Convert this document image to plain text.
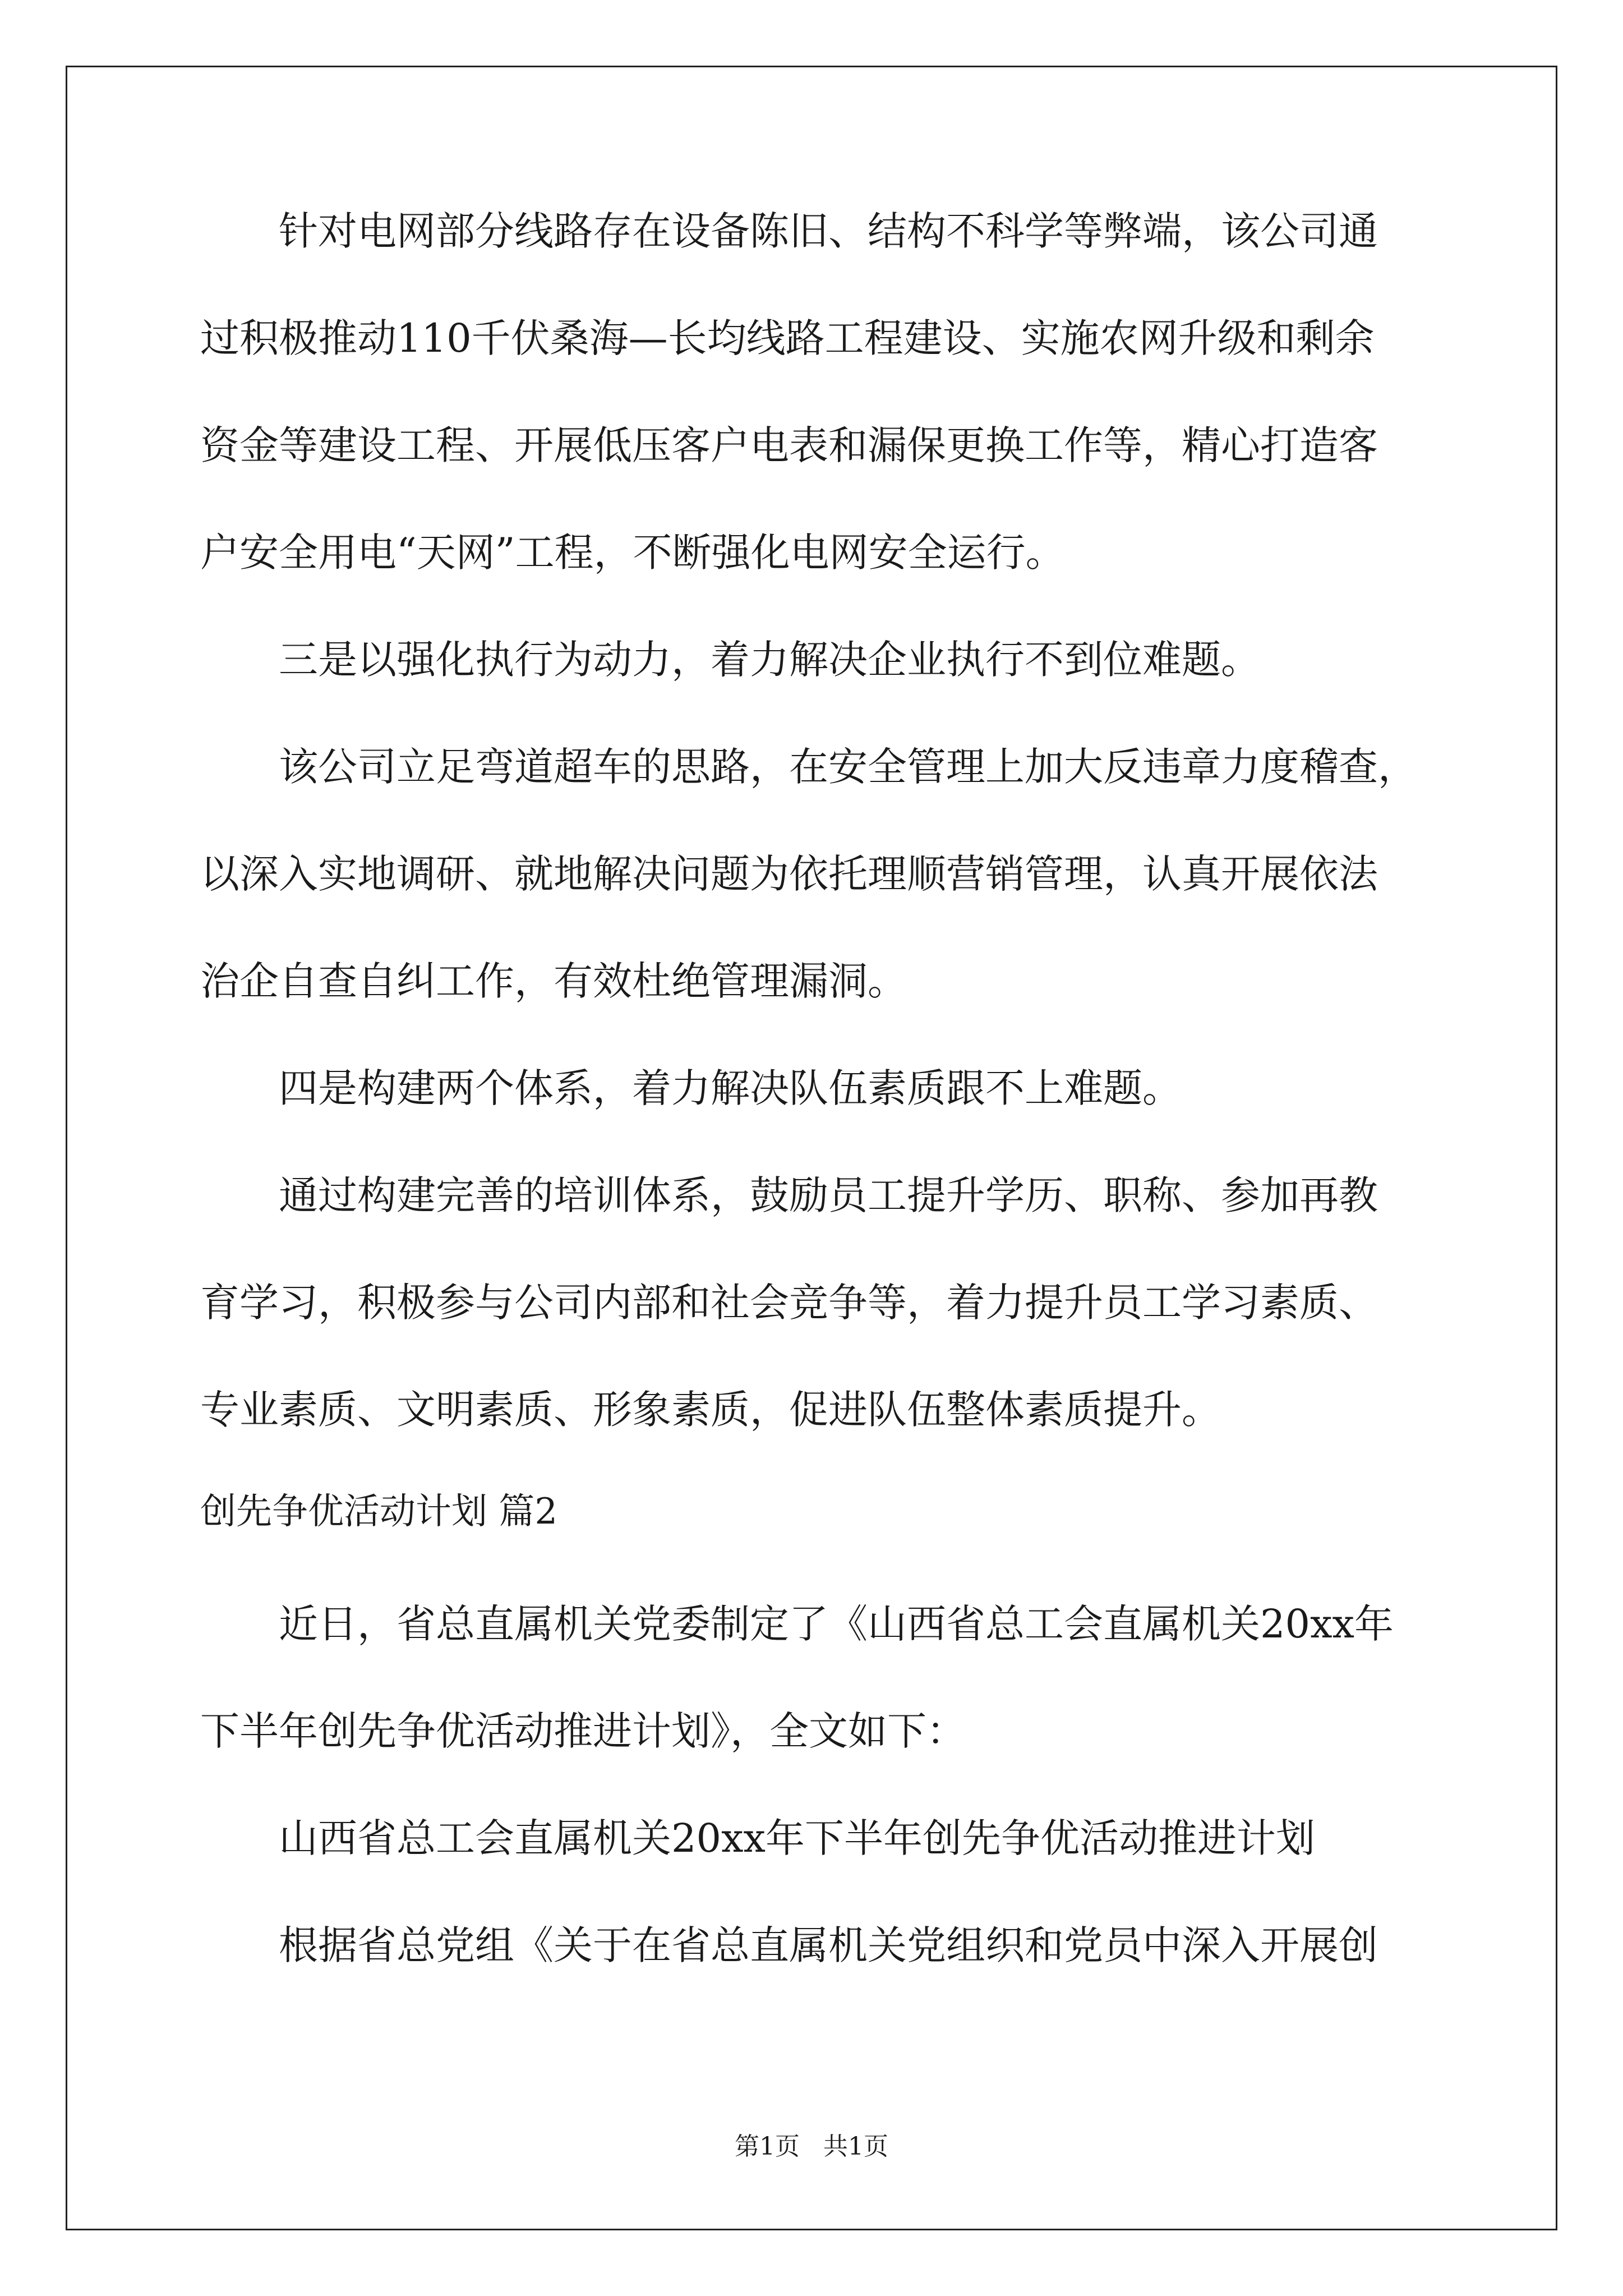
针对电网部分线路存在设备陈旧、结构不科学等弊端，该公司通
过积极推动110千伏桑海—长均线路工程建设、实施农网升级和剩余
资金等建设工程、开展低压客户电表和漏保更换工作等，精心打造客
户安全用电“天网”工程，不断强化电网安全运行。
三是以强化执行为动力，着力解决企业执行不到位难题。
该公司立足弯道超车的思路，在安全管理上加大反违章力度稽查，
以深入实地调研、就地解决问题为依托理顺营销管理，认真开展依法
治企自查自纠工作，有效杜绝管理漏洞。
四是构建两个体系，着力解决队伍素质跟不上难题。
通过构建完善的培训体系，鼓励员工提升学历、职称、参加再教
育学习，积极参与公司内部和社会竞争等，着力提升员工学习素质、
专业素质、文明素质、形象素质，促进队伍整体素质提升。
创先争优活动计划 篇2
近日，省总直属机关党委制定了《山西省总工会直属机关20xx年
下半年创先争优活动推进计划》，全文如下：
山西省总工会直属机关20xx年下半年创先争优活动推进计划
根据省总党组《关于在省总直属机关党组织和党员中深入开展创
第1页   共1页
